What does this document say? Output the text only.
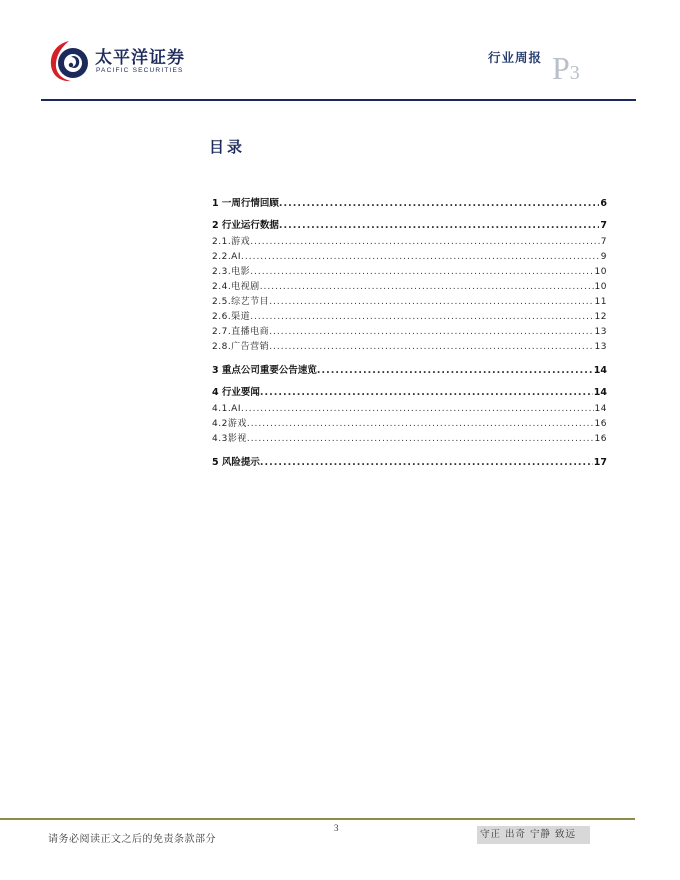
太平洋证券
PACIFIC SECURITIES
行业周报 P3
目录
1 一周行情回顾 .....	6
2 行业运行数据 .....	7
2.1.游戏 .....	7
2.2.AI .....	9
2.3.电影 .....	10
2.4.电视剧 .....	10
2.5.综艺节目 .....	11
2.6.渠道 .....	12
2.7.直播电商 .....	13
2.8.广告营销 .....	13
3 重点公司重要公告速览 .....	14
4 行业要闻 .....	14
4.1.AI .....	14
4.2游戏 .....	16
4.3影视 .....	16
5 风险提示 .....	17
请务必阅读正文之后的免责条款部分
3
守正 出奇 宁静 致远
